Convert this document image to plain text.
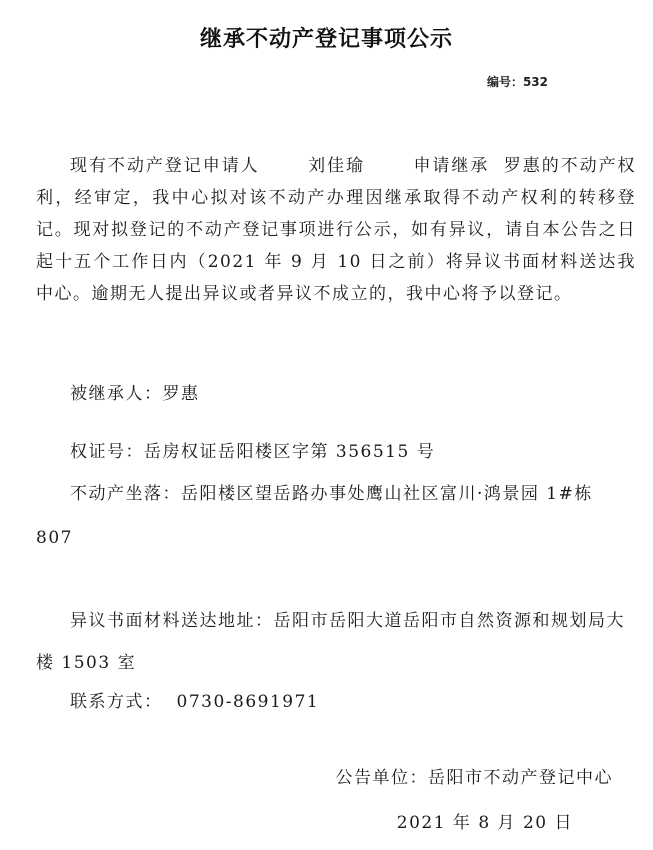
继承不动产登记事项公示
编号：532

现有不动产登记申请人	刘佳瑜	申请继承 罗惠的不动产权利，经审定，我中心拟对该不动产办理因继承取得不动产权利的转移登记。现对拟登记的不动产登记事项进行公示，如有异议，请自本公告之日起十五个工作日内（2021 年 9 月 10 日之前）将异议书面材料送达我中心。逾期无人提出异议或者异议不成立的，我中心将予以登记。

被继承人：罗惠

权证号：岳房权证岳阳楼区字第 356515 号

不动产坐落：岳阳楼区望岳路办事处鹰山社区富川·鸿景园 1#栋 807

异议书面材料送达地址：岳阳市岳阳大道岳阳市自然资源和规划局大楼 1503 室

联系方式： 0730-8691971

公告单位：岳阳市不动产登记中心
2021 年 8 月 20 日
